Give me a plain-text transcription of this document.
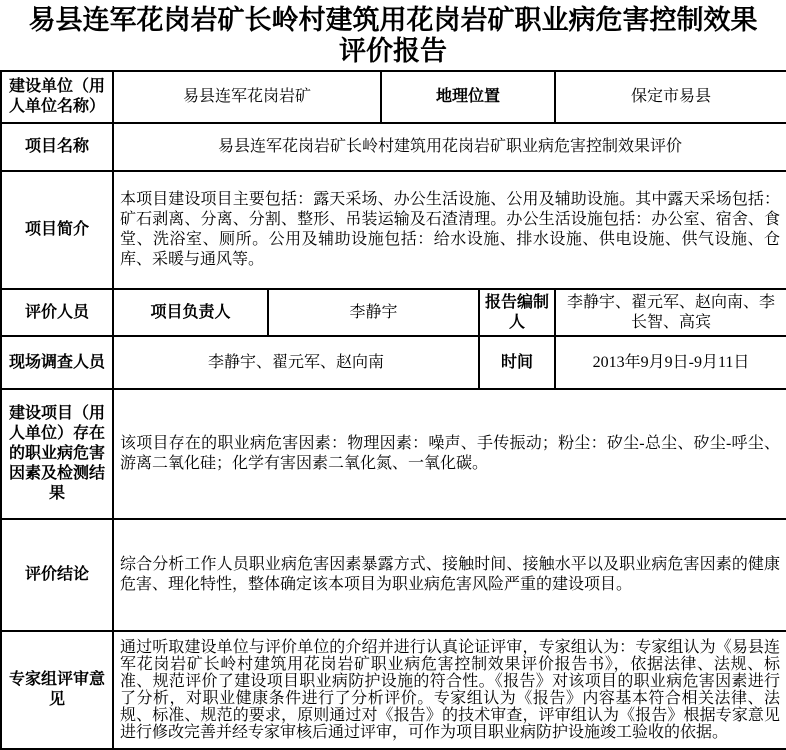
易县连军花岗岩矿长岭村建筑用花岗岩矿职业病危害控制效果评价报告
建设单位（用人单位名称）	易县连军花岗岩矿		地理位置		保定市易县
项目名称	易县连军花岗岩矿长岭村建筑用花岗岩矿职业病危害控制效果评价				
项目简介	本项目建设项目主要包括：露天采场、办公生活设施、公用及辅助设施。其中露天采场包括：矿石剥离、分离、分割、整形、吊装运输及石渣清理。办公生活设施包括：办公室、宿舍、食堂、洗浴室、厕所。公用及辅助设施包括：给水设施、排水设施、供电设施、供气设施、仓库、采暖与通风等。				
评价人员	项目负责人	李静宇		报告编制人	李静宇、翟元军、赵向南、李长智、高宾
现场调查人员	李静宇、翟元军、赵向南			时间	2013年9月9日-9月11日
建设项目（用人单位）存在的职业病危害因素及检测结果	该项目存在的职业病危害因素：物理因素：噪声、手传振动；粉尘：矽尘-总尘、矽尘-呼尘、游离二氧化硅；化学有害因素二氧化氮、一氧化碳。				
评价结论	综合分析工作人员职业病危害因素暴露方式、接触时间、接触水平以及职业病危害因素的健康危害、理化特性，整体确定该本项目为职业病危害风险严重的建设项目。				
专家组评审意见	通过听取建设单位与评价单位的介绍并进行认真论证评审，专家组认为：专家组认为《易县连军花岗岩矿长岭村建筑用花岗岩矿职业病危害控制效果评价报告书》，依据法律、法规、标准、规范评价了建设项目职业病防护设施的符合性。《报告》对该项目的职业病危害因素进行了分析，对职业健康条件进行了分析评价。专家组认为《报告》内容基本符合相关法律、法规、标准、规范的要求，原则通过对《报告》的技术审查，评审组认为《报告》根据专家意见进行修改完善并经专家审核后通过评审，可作为项目职业病防护设施竣工验收的依据。				
